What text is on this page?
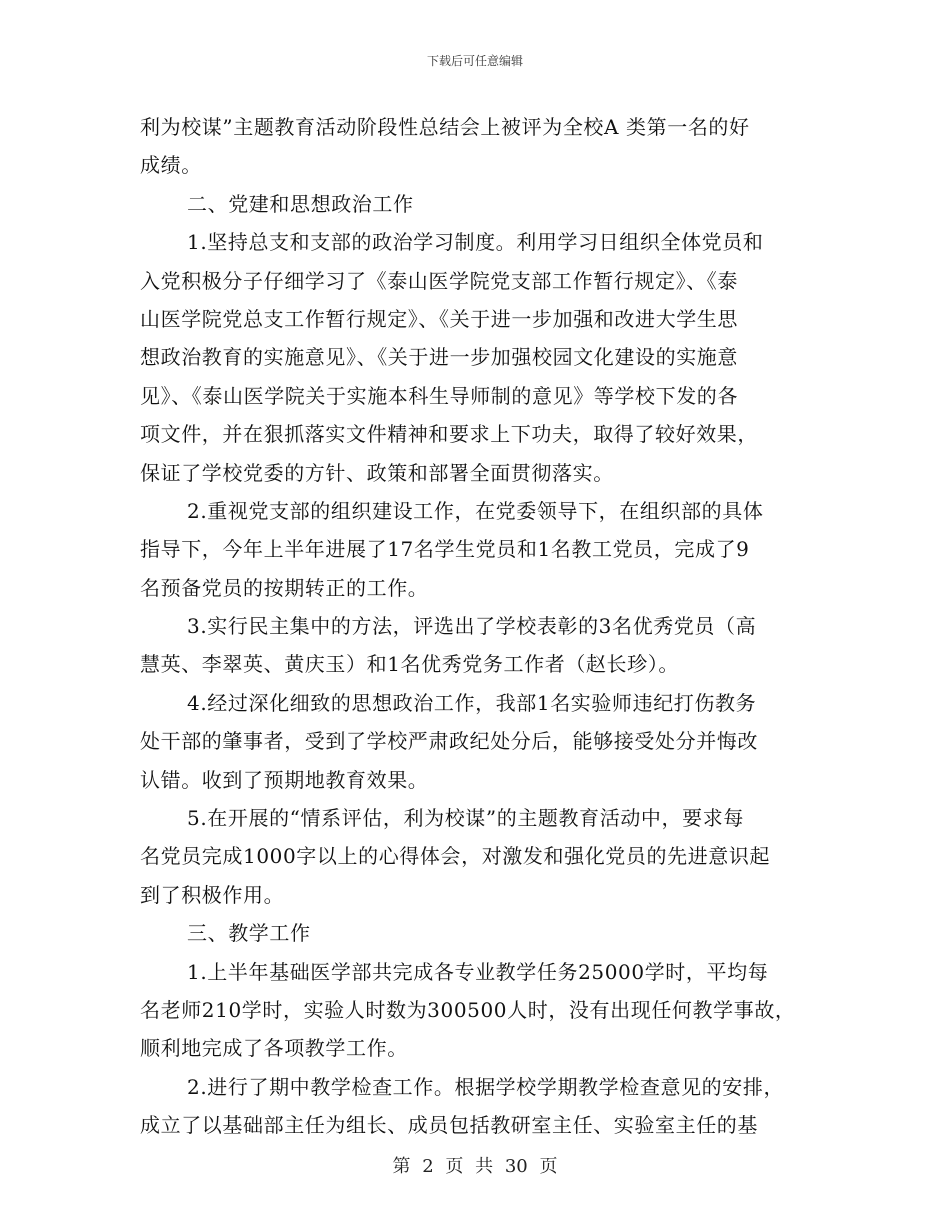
下载后可任意编辑
利为校谋”主题教育活动阶段性总结会上被评为全校A 类第一名的好
成绩。
二、党建和思想政治工作
1.坚持总支和支部的政治学习制度。利用学习日组织全体党员和
入党积极分子仔细学习了《泰山医学院党支部工作暂行规定》、《泰
山医学院党总支工作暂行规定》、《关于进一步加强和改进大学生思
想政治教育的实施意见》、《关于进一步加强校园文化建设的实施意
见》、《泰山医学院关于实施本科生导师制的意见》等学校下发的各
项文件，并在狠抓落实文件精神和要求上下功夫，取得了较好效果，
保证了学校党委的方针、政策和部署全面贯彻落实。
2.重视党支部的组织建设工作，在党委领导下，在组织部的具体
指导下，今年上半年进展了17名学生党员和1名教工党员，完成了9
名预备党员的按期转正的工作。
3.实行民主集中的方法，评选出了学校表彰的3名优秀党员（高
慧英、李翠英、黄庆玉）和1名优秀党务工作者（赵长珍）。
4.经过深化细致的思想政治工作，我部1名实验师违纪打伤教务
处干部的肇事者，受到了学校严肃政纪处分后，能够接受处分并悔改
认错。收到了预期地教育效果。
5.在开展的“情系评估，利为校谋”的主题教育活动中，要求每
名党员完成1000字以上的心得体会，对激发和强化党员的先进意识起
到了积极作用。
三、教学工作
1.上半年基础医学部共完成各专业教学任务25000学时，平均每
名老师210学时，实验人时数为300500人时，没有出现任何教学事故，
顺利地完成了各项教学工作。
2.进行了期中教学检查工作。根据学校学期教学检查意见的安排，
成立了以基础部主任为组长、成员包括教研室主任、实验室主任的基
第 2 页 共 30 页
